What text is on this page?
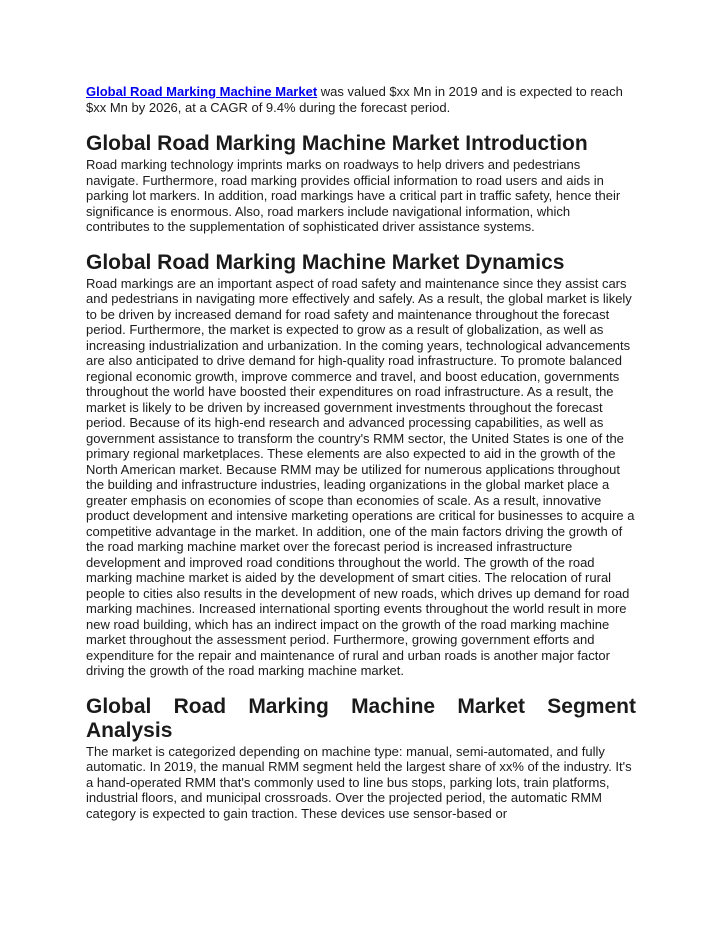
Global Road Marking Machine Market was valued $xx Mn in 2019 and is expected to reach $xx Mn by 2026, at a CAGR of 9.4% during the forecast period.

Global Road Marking Machine Market Introduction

Road marking technology imprints marks on roadways to help drivers and pedestrians navigate. Furthermore, road marking provides official information to road users and aids in parking lot markers. In addition, road markings have a critical part in traffic safety, hence their significance is enormous. Also, road markers include navigational information, which contributes to the supplementation of sophisticated driver assistance systems.

Global Road Marking Machine Market Dynamics

Road markings are an important aspect of road safety and maintenance since they assist cars and pedestrians in navigating more effectively and safely. As a result, the global market is likely to be driven by increased demand for road safety and maintenance throughout the forecast period. Furthermore, the market is expected to grow as a result of globalization, as well as increasing industrialization and urbanization. In the coming years, technological advancements are also anticipated to drive demand for high-quality road infrastructure. To promote balanced regional economic growth, improve commerce and travel, and boost education, governments throughout the world have boosted their expenditures on road infrastructure. As a result, the market is likely to be driven by increased government investments throughout the forecast period. Because of its high-end research and advanced processing capabilities, as well as government assistance to transform the country's RMM sector, the United States is one of the primary regional marketplaces. These elements are also expected to aid in the growth of the North American market. Because RMM may be utilized for numerous applications throughout the building and infrastructure industries, leading organizations in the global market place a greater emphasis on economies of scope than economies of scale. As a result, innovative product development and intensive marketing operations are critical for businesses to acquire a competitive advantage in the market. In addition, one of the main factors driving the growth of the road marking machine market over the forecast period is increased infrastructure development and improved road conditions throughout the world. The growth of the road marking machine market is aided by the development of smart cities. The relocation of rural people to cities also results in the development of new roads, which drives up demand for road marking machines. Increased international sporting events throughout the world result in more new road building, which has an indirect impact on the growth of the road marking machine market throughout the assessment period. Furthermore, growing government efforts and expenditure for the repair and maintenance of rural and urban roads is another major factor driving the growth of the road marking machine market.

Global Road Marking Machine Market Segment
Analysis

The market is categorized depending on machine type: manual, semi-automated, and fully automatic. In 2019, the manual RMM segment held the largest share of xx% of the industry. It's a hand-operated RMM that's commonly used to line bus stops, parking lots, train platforms, industrial floors, and municipal crossroads. Over the projected period, the automatic RMM category is expected to gain traction. These devices use sensor-based or
